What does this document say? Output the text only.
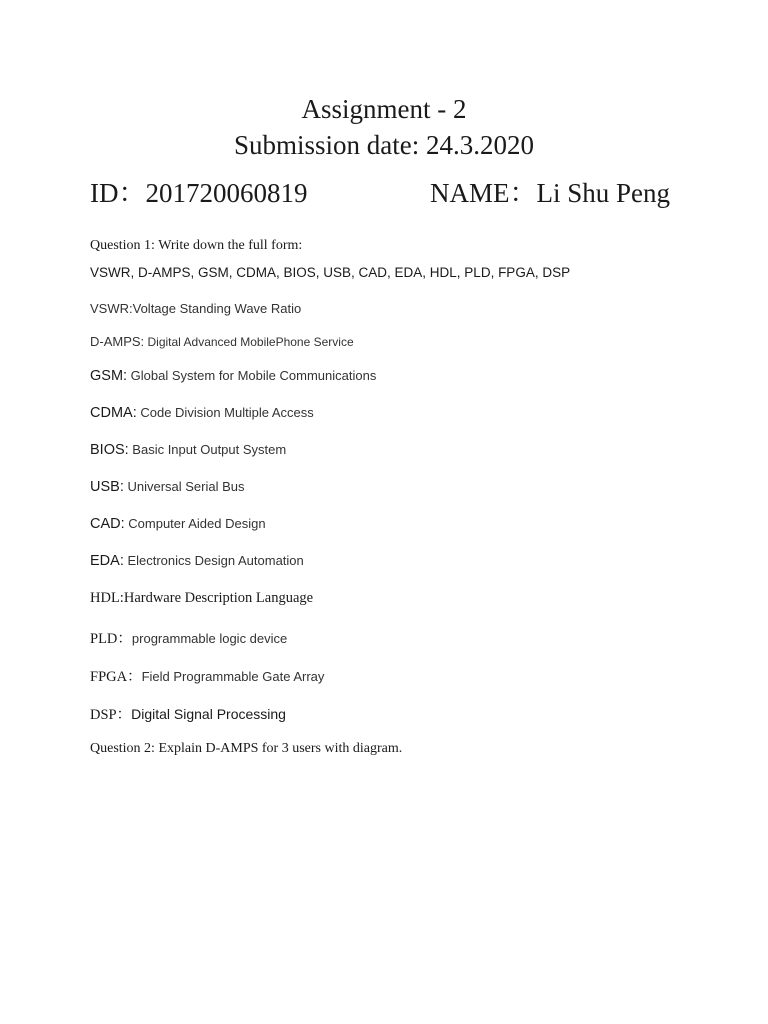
Assignment - 2
Submission date: 24.3.2020
ID：201720060819	NAME：Li Shu Peng
Question 1: Write down the full form:
VSWR, D-AMPS, GSM, CDMA, BIOS, USB, CAD, EDA, HDL, PLD, FPGA, DSP
VSWR:Voltage Standing Wave Ratio
D-AMPS: Digital Advanced MobilePhone Service
GSM: Global System for Mobile Communications
CDMA: Code Division Multiple Access
BIOS: Basic Input Output System
USB: Universal Serial Bus
CAD: Computer Aided Design
EDA: Electronics Design Automation
HDL:Hardware Description Language
PLD：programmable logic device
FPGA：Field Programmable Gate Array
DSP：Digital Signal Processing
Question 2: Explain D-AMPS for 3 users with diagram.
